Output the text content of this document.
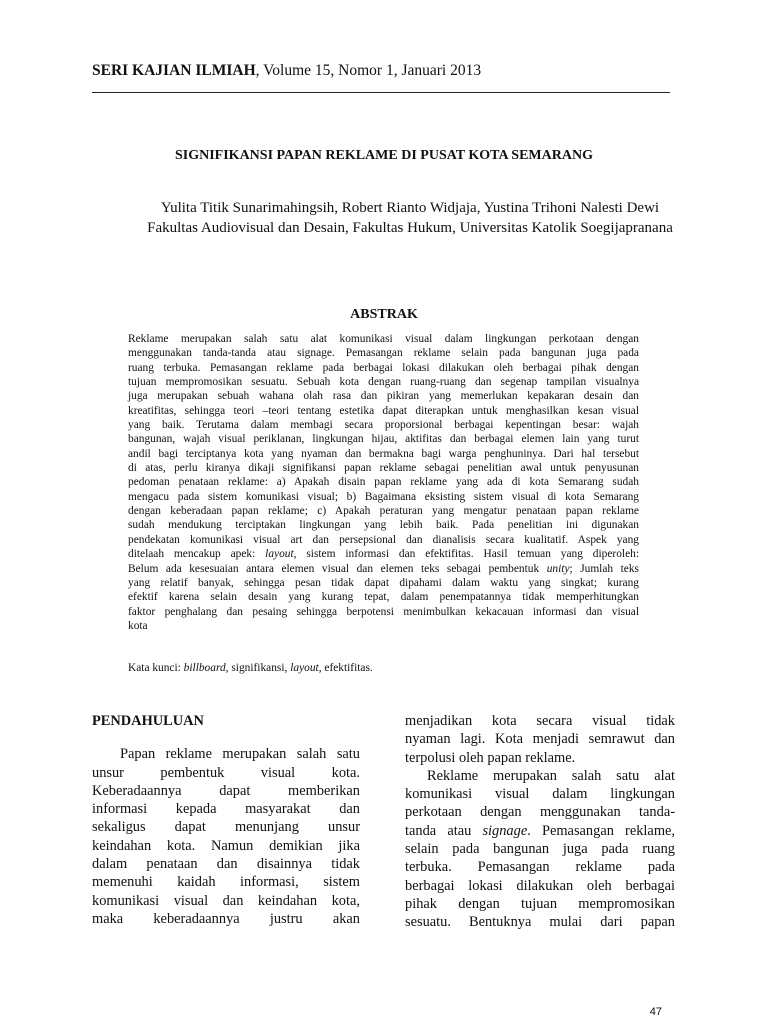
SERI KAJIAN ILMIAH, Volume 15, Nomor 1, Januari 2013
SIGNIFIKANSI PAPAN REKLAME DI PUSAT KOTA SEMARANG
Yulita Titik Sunarimahingsih, Robert Rianto Widjaja, Yustina Trihoni Nalesti Dewi
Fakultas Audiovisual dan Desain, Fakultas Hukum, Universitas Katolik Soegijapranana
ABSTRAK
Reklame merupakan salah satu alat komunikasi visual dalam lingkungan perkotaan dengan
menggunakan tanda-tanda atau signage. Pemasangan reklame selain pada bangunan juga pada
ruang terbuka. Pemasangan reklame pada berbagai lokasi dilakukan oleh berbagai pihak dengan
tujuan mempromosikan sesuatu. Sebuah kota dengan ruang-ruang dan segenap tampilan visualnya
juga merupakan sebuah wahana olah rasa dan pikiran yang memerlukan kepakaran desain dan
kreatifitas, sehingga teori –teori tentang estetika dapat diterapkan untuk menghasilkan kesan visual
yang baik. Terutama dalam membagi secara proporsional berbagai kepentingan besar: wajah
bangunan, wajah visual periklanan, lingkungan hijau, aktifitas dan berbagai elemen lain yang turut
andil bagi terciptanya kota yang nyaman dan bermakna bagi warga penghuninya. Dari hal tersebut
di atas, perlu kiranya dikaji signifikansi papan reklame sebagai penelitian awal untuk penyusunan
pedoman penataan reklame: a) Apakah disain papan reklame yang ada di kota Semarang sudah
mengacu pada sistem komunikasi visual; b) Bagaimana eksisting sistem visual di kota Semarang
dengan keberadaan papan reklame; c) Apakah peraturan yang mengatur penataan papan reklame
sudah mendukung terciptakan lingkungan yang lebih baik. Pada penelitian ini digunakan
pendekatan komunikasi visual art dan persepsional dan dianalisis secara kualitatif. Aspek yang
ditelaah mencakup apek: layout, sistem informasi dan efektifitas. Hasil temuan yang diperoleh:
Belum ada kesesuaian antara elemen visual dan elemen teks sebagai pembentuk unity; Jumlah teks
yang relatif banyak, sehingga pesan tidak dapat dipahami dalam waktu yang singkat; kurang
efektif karena selain desain yang kurang tepat, dalam penempatannya tidak memperhitungkan
faktor penghalang dan pesaing sehingga berpotensi menimbulkan kekacauan informasi dan visual
kota
Kata kunci: billboard, signifikansi, layout, efektifitas.
PENDAHULUAN
Papan reklame merupakan salah satu
unsur pembentuk visual kota.
Keberadaannya dapat memberikan
informasi kepada masyarakat dan
sekaligus dapat menunjang unsur
keindahan kota. Namun demikian jika
dalam penataan dan disainnya tidak
memenuhi kaidah informasi, sistem
komunikasi visual dan keindahan kota,
maka keberadaannya justru akan
menjadikan kota secara visual tidak
nyaman lagi. Kota menjadi semrawut dan
terpolusi oleh papan reklame.
Reklame merupakan salah satu alat
komunikasi visual dalam lingkungan
perkotaan dengan menggunakan tanda-
tanda atau signage. Pemasangan reklame,
selain pada bangunan juga pada ruang
terbuka. Pemasangan reklame pada
berbagai lokasi dilakukan oleh berbagai
pihak dengan tujuan mempromosikan
sesuatu. Bentuknya mulai dari papan
47
